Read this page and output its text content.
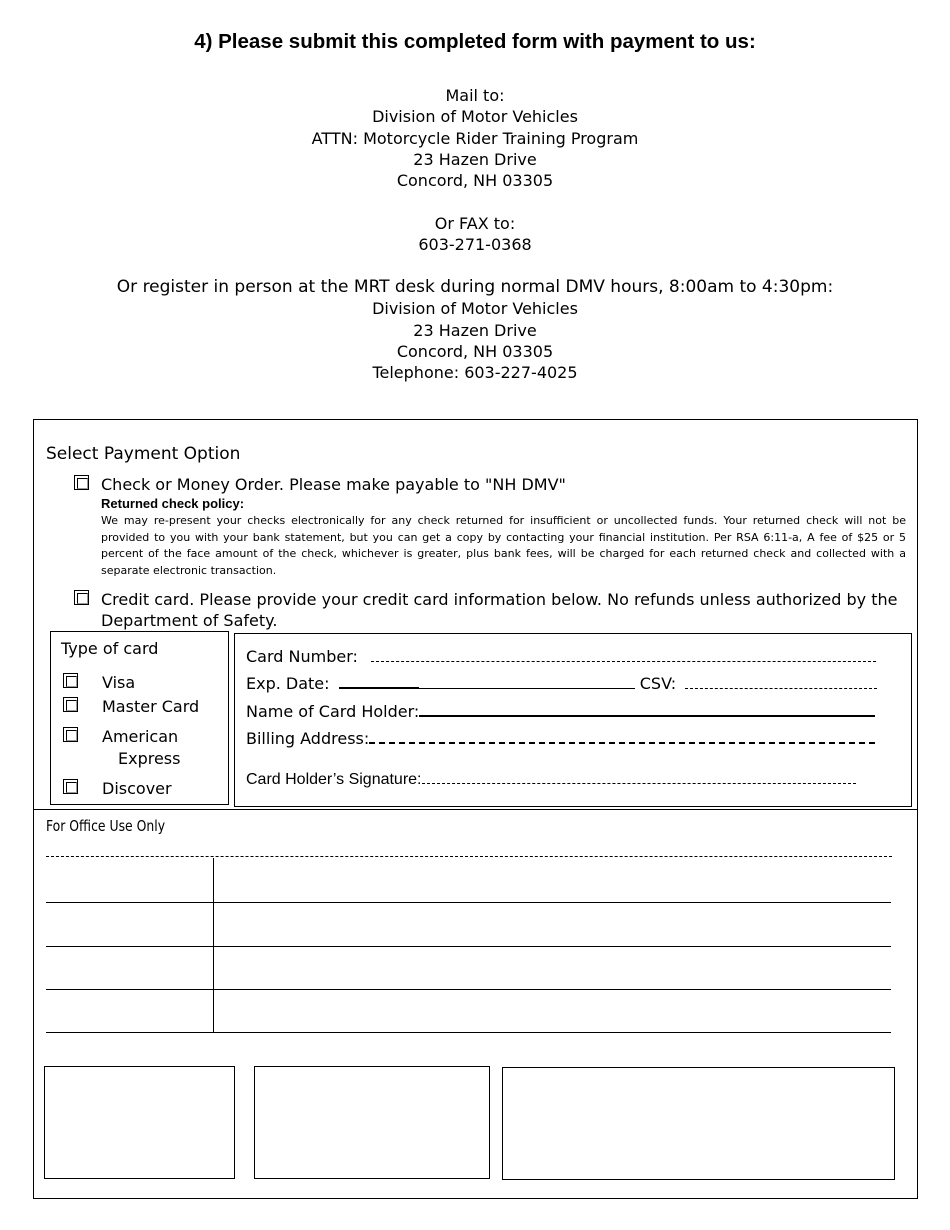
4) Please submit this completed form with payment to us:
Mail to:
Division of Motor Vehicles
ATTN: Motorcycle Rider Training Program
23 Hazen Drive
Concord, NH 03305
Or FAX to:
603-271-0368
Or register in person at the MRT desk during normal DMV hours, 8:00am to 4:30pm:
Division of Motor Vehicles
23 Hazen Drive
Concord, NH 03305
Telephone: 603-227-4025
Select Payment Option
Check or Money Order. Please make payable to "NH DMV"
Returned check policy:
We may re-present your checks electronically for any check returned for insufficient or uncollected funds. Your returned check will not be provided to you with your bank statement, but you can get a copy by contacting your financial institution. Per RSA 6:11-a, A fee of $25 or 5 percent of the face amount of the check, whichever is greater, plus bank fees, will be charged for each returned check and collected with a separate electronic transaction.
Credit card. Please provide your credit card information below. No refunds unless authorized by the Department of Safety.
Type of card
Visa
Master Card
American
Express
Discover
Card Number:
Exp. Date:	CSV:
Name of Card Holder:
Billing Address:
Card Holder’s Signature:
For Office Use Only
